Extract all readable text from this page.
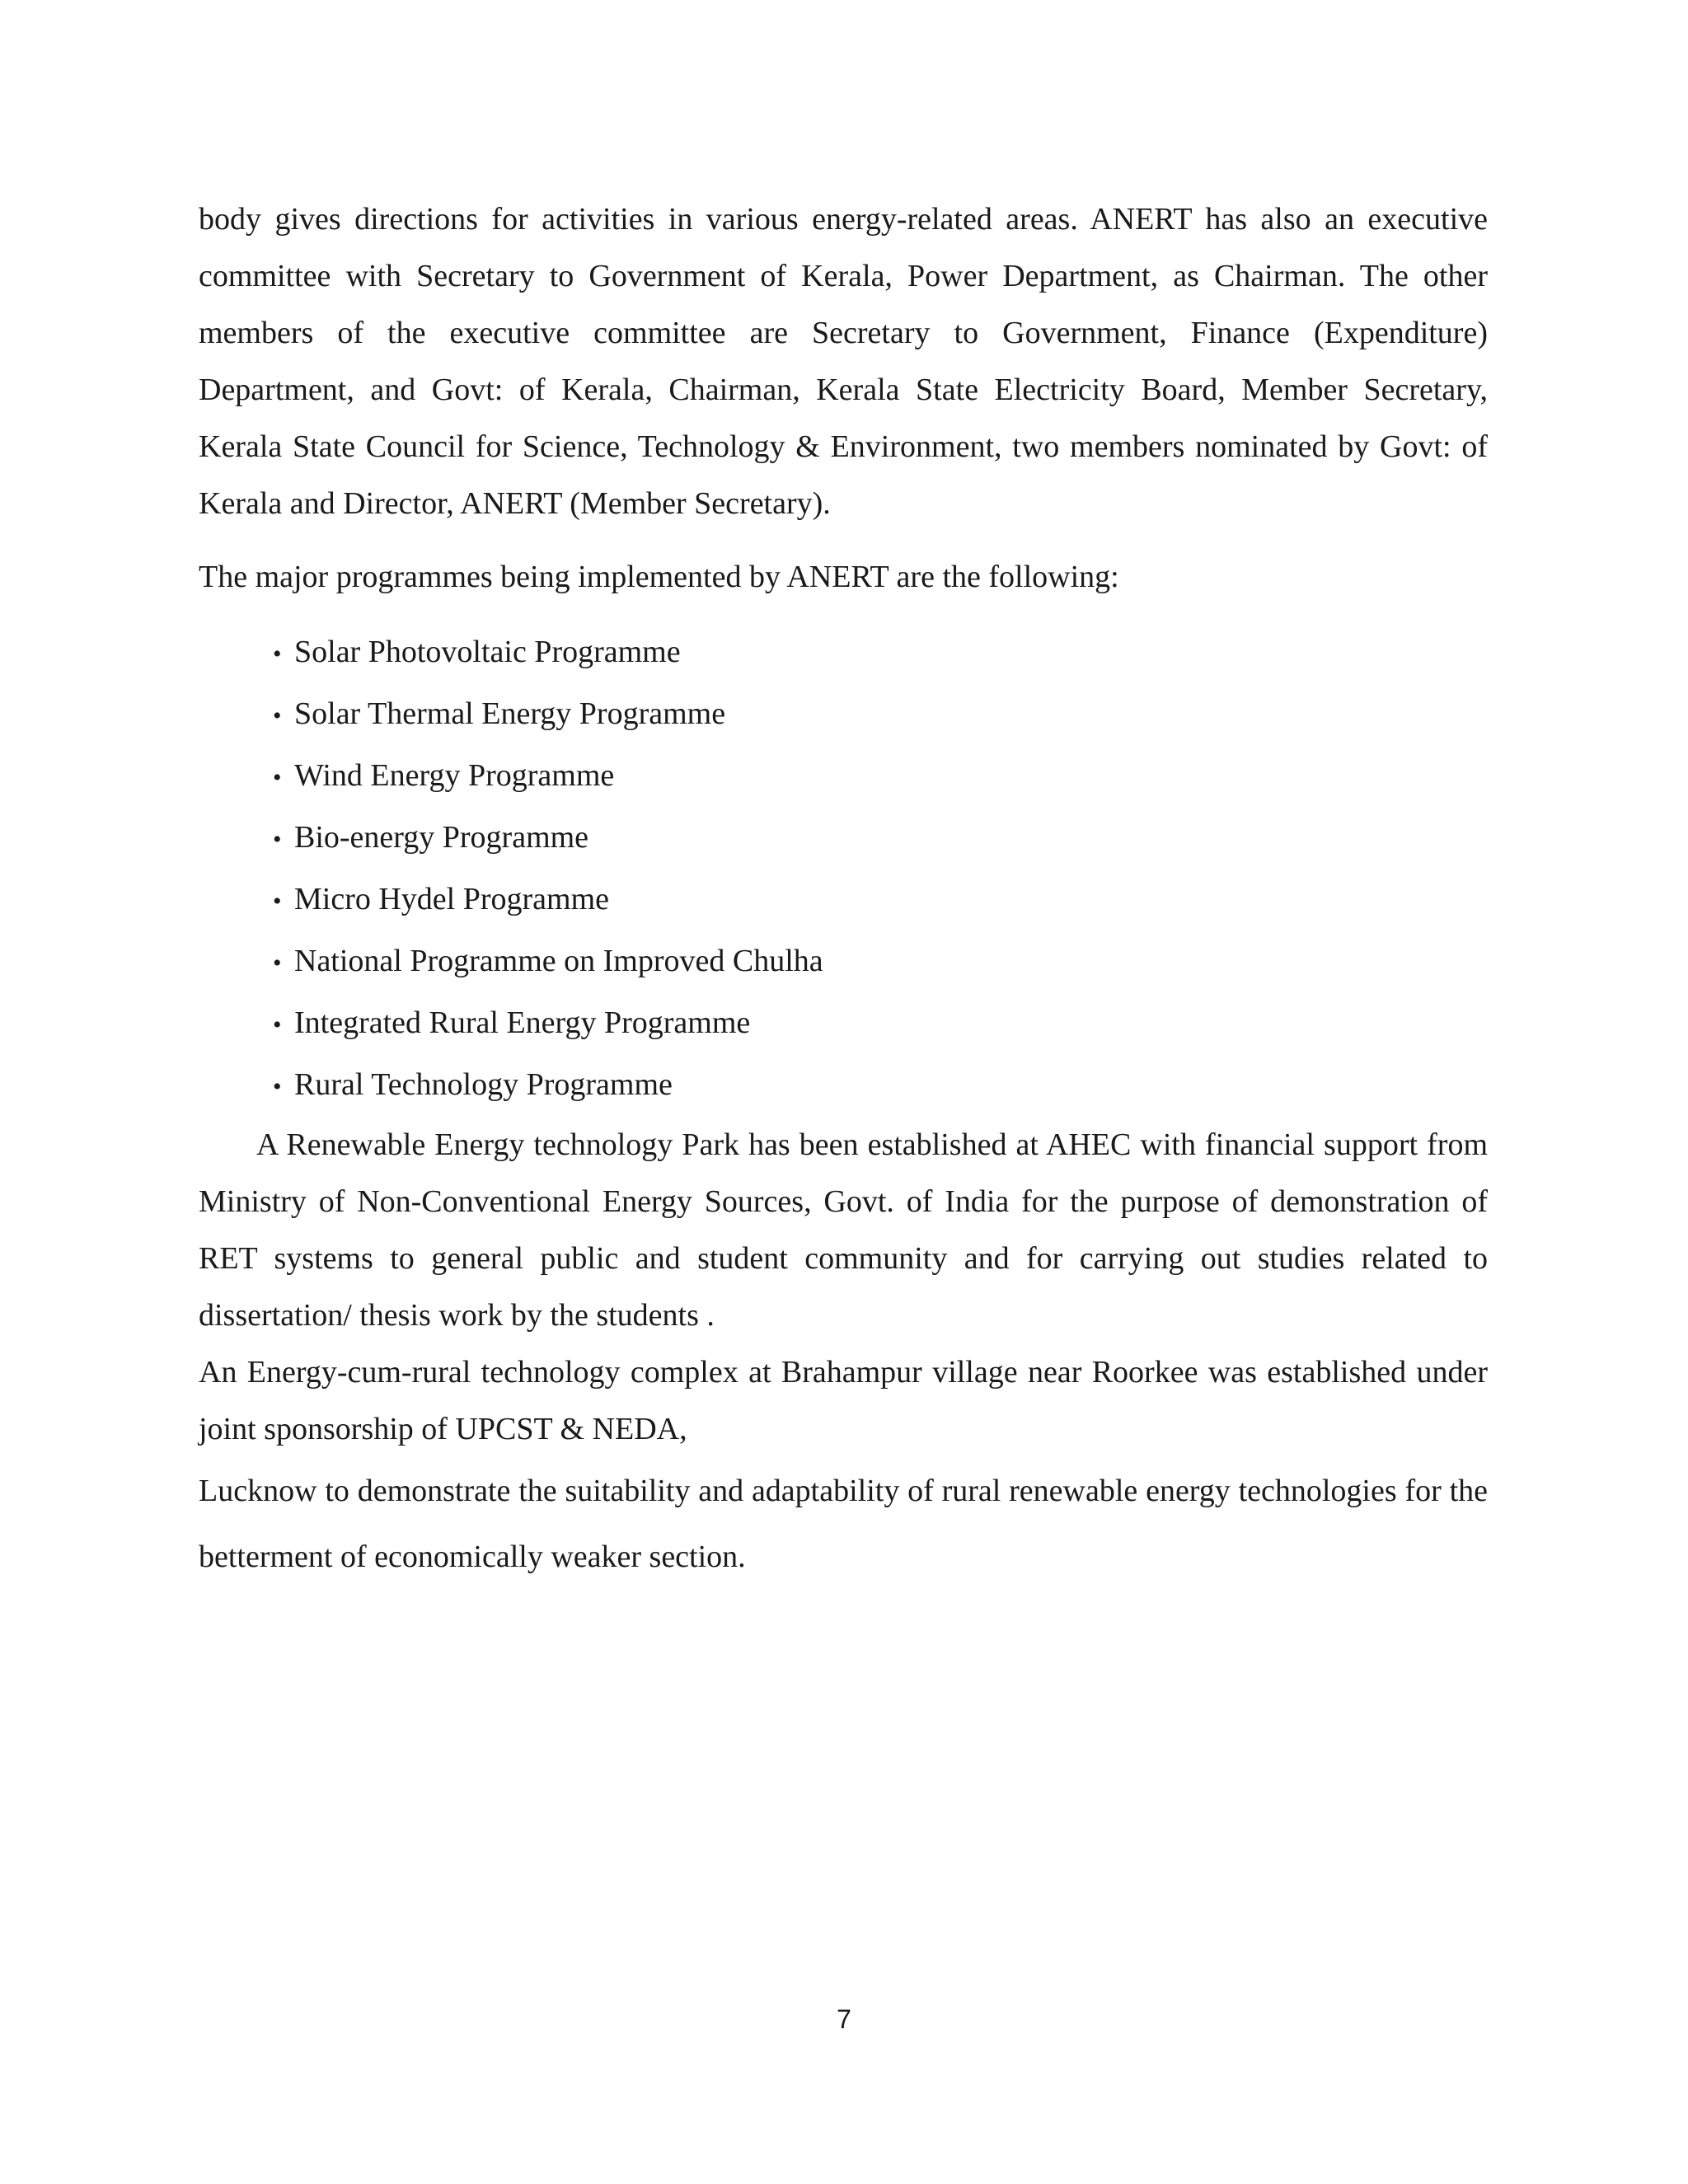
body gives directions for activities in various energy-related areas. ANERT has also an executive committee with Secretary to Government of Kerala, Power Department, as Chairman. The other members of the executive committee are Secretary to Government, Finance (Expenditure) Department, and Govt: of Kerala, Chairman, Kerala State Electricity Board, Member Secretary, Kerala State Council for Science, Technology & Environment, two members nominated by Govt: of Kerala and Director, ANERT (Member Secretary).

The major programmes being implemented by ANERT are the following:

• Solar Photovoltaic Programme
• Solar Thermal Energy Programme
• Wind Energy Programme
• Bio-energy Programme
• Micro Hydel Programme
• National Programme on Improved Chulha
• Integrated Rural Energy Programme
• Rural Technology Programme

A Renewable Energy technology Park has been established at AHEC with financial support from Ministry of Non-Conventional Energy Sources, Govt. of India for the purpose of demonstration of RET systems to general public and student community and for carrying out studies related to dissertation/ thesis work by the students .

An Energy-cum-rural technology complex at Brahampur village near Roorkee was established under joint sponsorship of UPCST & NEDA,

Lucknow to demonstrate the suitability and adaptability of rural renewable energy technologies for the betterment of economically weaker section.

7
